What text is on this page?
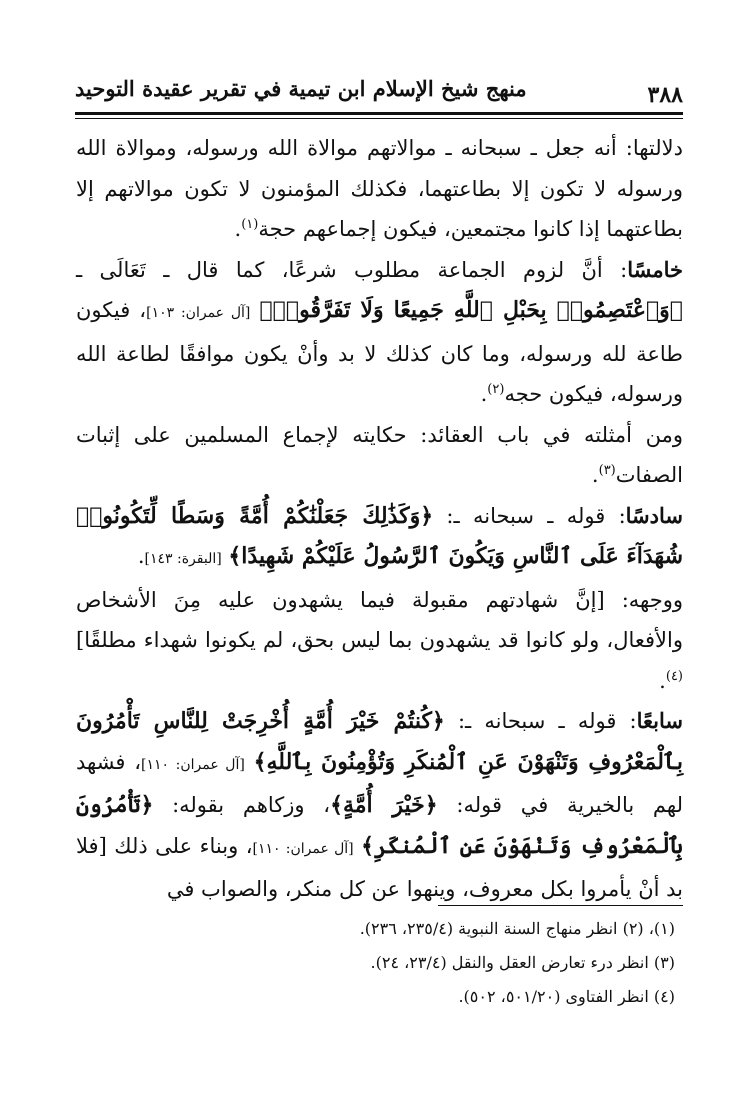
٣٨٨
منهج شيخ الإسلام ابن تيمية في تقرير عقيدة التوحيد

دلالتها: أنه جعل ـ سبحانه ـ موالاتهم موالاة الله ورسوله، وموالاة الله ورسوله لا تكون إلا بطاعتهما، فكذلك المؤمنون لا تكون موالاتهم إلا بطاعتهما إذا كانوا مجتمعين، فيكون إجماعهم حجة$^{(١)}$.

خامسًا: أنَّ لزوم الجماعة مطلوب شرعًا، كما قال ـ تَعَالَى ـ ﴿وَٱعْتَصِمُوا۟ بِحَبْلِ ٱللَّهِ جَمِيعًا وَلَا تَفَرَّقُوا۟﴾ [آل عمران: ١٠٣]، فيكون طاعة لله ورسوله، وما كان كذلك لا بد وأنْ يكون موافقًا لطاعة الله ورسوله، فيكون حجه$^{(٢)}$.

ومن أمثلته في باب العقائد: حكايته لإجماع المسلمين على إثبات الصفات$^{(٣)}$.

سادسًا: قوله ـ سبحانه ـ: ﴿وَكَذَٰلِكَ جَعَلْنَٰكُمْ أُمَّةً وَسَطًا لِّتَكُونُوا۟ شُهَدَآءَ عَلَى ٱلنَّاسِ وَيَكُونَ ٱلرَّسُولُ عَلَيْكُمْ شَهِيدًا﴾ [البقرة: ١٤٣].

ووجهه: [إنَّ شهادتهم مقبولة فيما يشهدون عليه مِنَ الأشخاص والأفعال، ولو كانوا قد يشهدون بما ليس بحق، لم يكونوا شهداء مطلقًا]$^{(٤)}$.

سابعًا: قوله ـ سبحانه ـ: ﴿كُنتُمْ خَيْرَ أُمَّةٍ أُخْرِجَتْ لِلنَّاسِ تَأْمُرُونَ بِٱلْمَعْرُوفِ وَتَنْهَوْنَ عَنِ ٱلْمُنكَرِ وَتُؤْمِنُونَ بِٱللَّهِ﴾ [آل عمران: ١١٠]، فشهد لهم بالخيرية في قوله: ﴿خَيْرَ أُمَّةٍ﴾، وزكاهم بقوله: ﴿تَأْمُرُونَ بِٱلْمَعْرُوفِ وَتَنْهَوْنَ عَنِ ٱلْمُنكَرِ﴾ [آل عمران: ١١٠]، وبناء على ذلك [فلا بد أنْ يأمروا بكل معروف، وينهوا عن كل منكر، والصواب في

(١)، (٢) انظر منهاج السنة النبوية (٢٣٥/٤، ٢٣٦).

(٣) انظر درء تعارض العقل والنقل (٢٣/٤، ٢٤).

(٤) انظر الفتاوى (٥٠١/٢٠، ٥٠٢).
